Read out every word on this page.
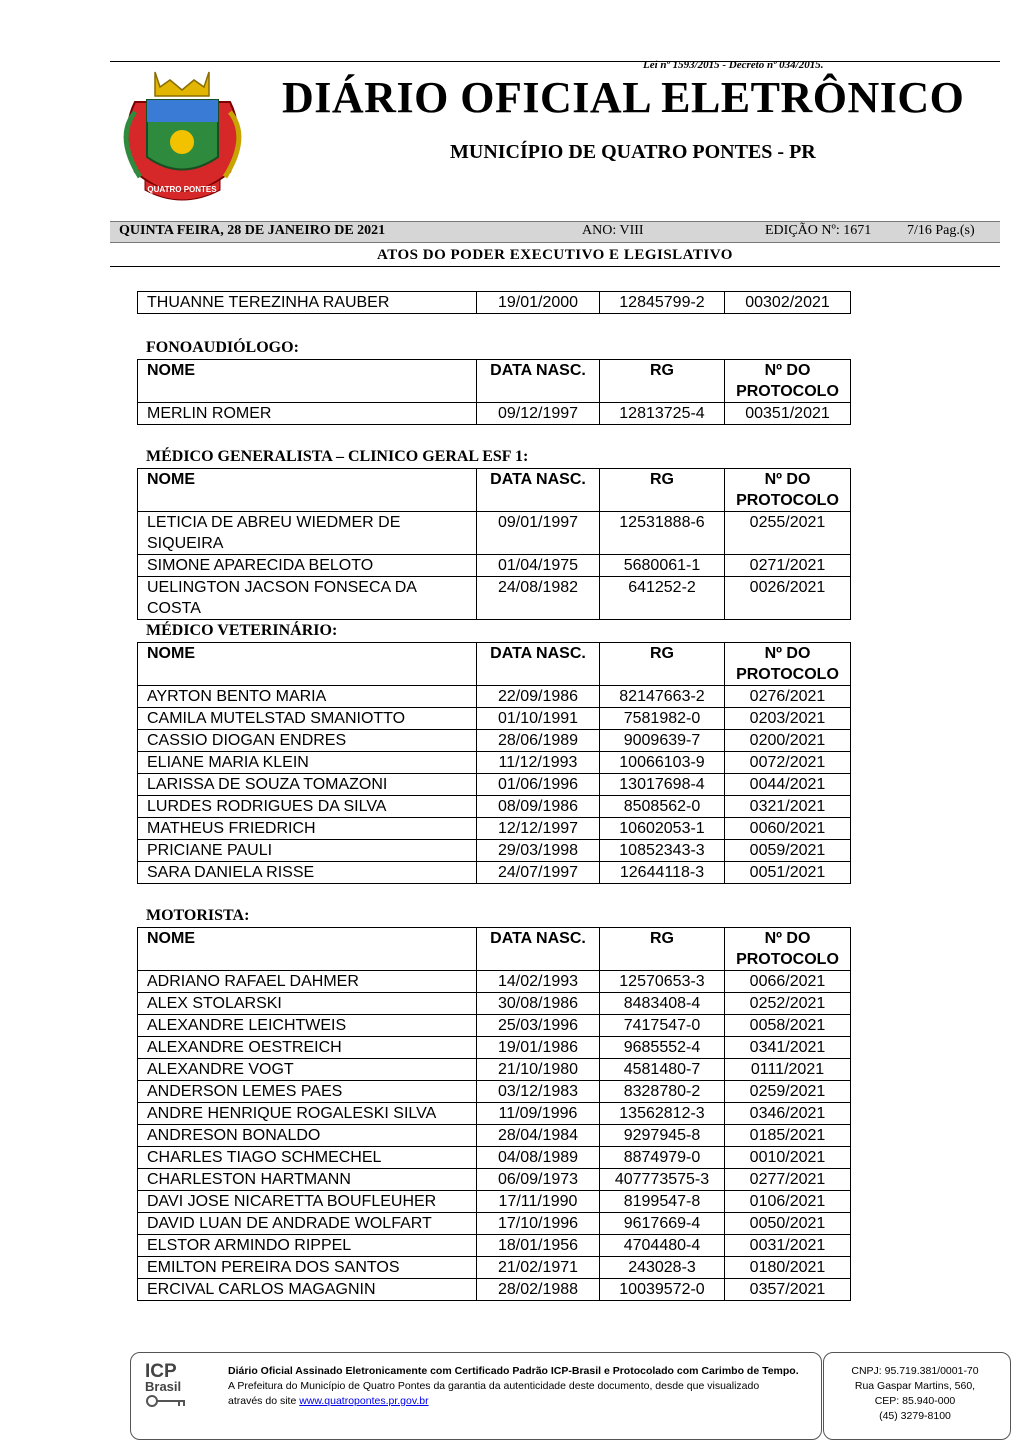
Lei nº 1593/2015 - Decreto nº 034/2015.
QUATRO PONTES
DIÁRIO OFICIAL ELETRÔNICO
MUNICÍPIO DE QUATRO PONTES - PR
QUINTA FEIRA, 28 DE JANEIRO DE 2021	ANO: VIII	EDIÇÃO Nº: 1671	7/16 Pag.(s)
ATOS DO PODER EXECUTIVO E LEGISLATIVO
THUANNE TEREZINHA RAUBER	19/01/2000	12845799-2	00302/2021
FONOAUDIÓLOGO:
NOME	DATA NASC.	RG	Nº DO
PROTOCOLO
MERLIN ROMER	09/12/1997	12813725-4	00351/2021
MÉDICO GENERALISTA – CLINICO GERAL ESF 1:
NOME	DATA NASC.	RG	Nº DO
PROTOCOLO
LETICIA DE ABREU WIEDMER DE
SIQUEIRA	09/01/1997	12531888-6	0255/2021
SIMONE APARECIDA BELOTO	01/04/1975	5680061-1	0271/2021
UELINGTON JACSON FONSECA DA COSTA	24/08/1982	641252-2	0026/2021
MÉDICO VETERINÁRIO:
NOME	DATA NASC.	RG	Nº DO
PROTOCOLO
AYRTON BENTO MARIA	22/09/1986	82147663-2	0276/2021
CAMILA MUTELSTAD SMANIOTTO	01/10/1991	7581982-0	0203/2021
CASSIO DIOGAN ENDRES	28/06/1989	9009639-7	0200/2021
ELIANE MARIA KLEIN	11/12/1993	10066103-9	0072/2021
LARISSA DE SOUZA TOMAZONI	01/06/1996	13017698-4	0044/2021
LURDES RODRIGUES DA SILVA	08/09/1986	8508562-0	0321/2021
MATHEUS FRIEDRICH	12/12/1997	10602053-1	0060/2021
PRICIANE PAULI	29/03/1998	10852343-3	0059/2021
SARA DANIELA RISSE	24/07/1997	12644118-3	0051/2021
MOTORISTA:
NOME	DATA NASC.	RG	Nº DO
PROTOCOLO
ADRIANO RAFAEL DAHMER	14/02/1993	12570653-3	0066/2021
ALEX STOLARSKI	30/08/1986	8483408-4	0252/2021
ALEXANDRE LEICHTWEIS	25/03/1996	7417547-0	0058/2021
ALEXANDRE OESTREICH	19/01/1986	9685552-4	0341/2021
ALEXANDRE VOGT	21/10/1980	4581480-7	0111/2021
ANDERSON LEMES PAES	03/12/1983	8328780-2	0259/2021
ANDRE HENRIQUE ROGALESKI SILVA	11/09/1996	13562812-3	0346/2021
ANDRESON BONALDO	28/04/1984	9297945-8	0185/2021
CHARLES TIAGO SCHMECHEL	04/08/1989	8874979-0	0010/2021
CHARLESTON HARTMANN	06/09/1973	407773575-3	0277/2021
DAVI JOSE NICARETTA BOUFLEUHER	17/11/1990	8199547-8	0106/2021
DAVID LUAN DE ANDRADE WOLFART	17/10/1996	9617669-4	0050/2021
ELSTOR ARMINDO RIPPEL	18/01/1956	4704480-4	0031/2021
EMILTON PEREIRA DOS SANTOS	21/02/1971	243028-3	0180/2021
ERCIVAL CARLOS MAGAGNIN	28/02/1988	10039572-0	0357/2021
ICP
Brasil
Diário Oficial Assinado Eletronicamente com Certificado Padrão ICP-Brasil e Protocolado com Carimbo de Tempo.
A Prefeitura do Município de Quatro Pontes da garantia da autenticidade deste documento, desde que visualizado
através do site www.quatropontes.pr.gov.br
CNPJ: 95.719.381/0001-70
Rua Gaspar Martins, 560,
CEP: 85.940-000
(45) 3279-8100
